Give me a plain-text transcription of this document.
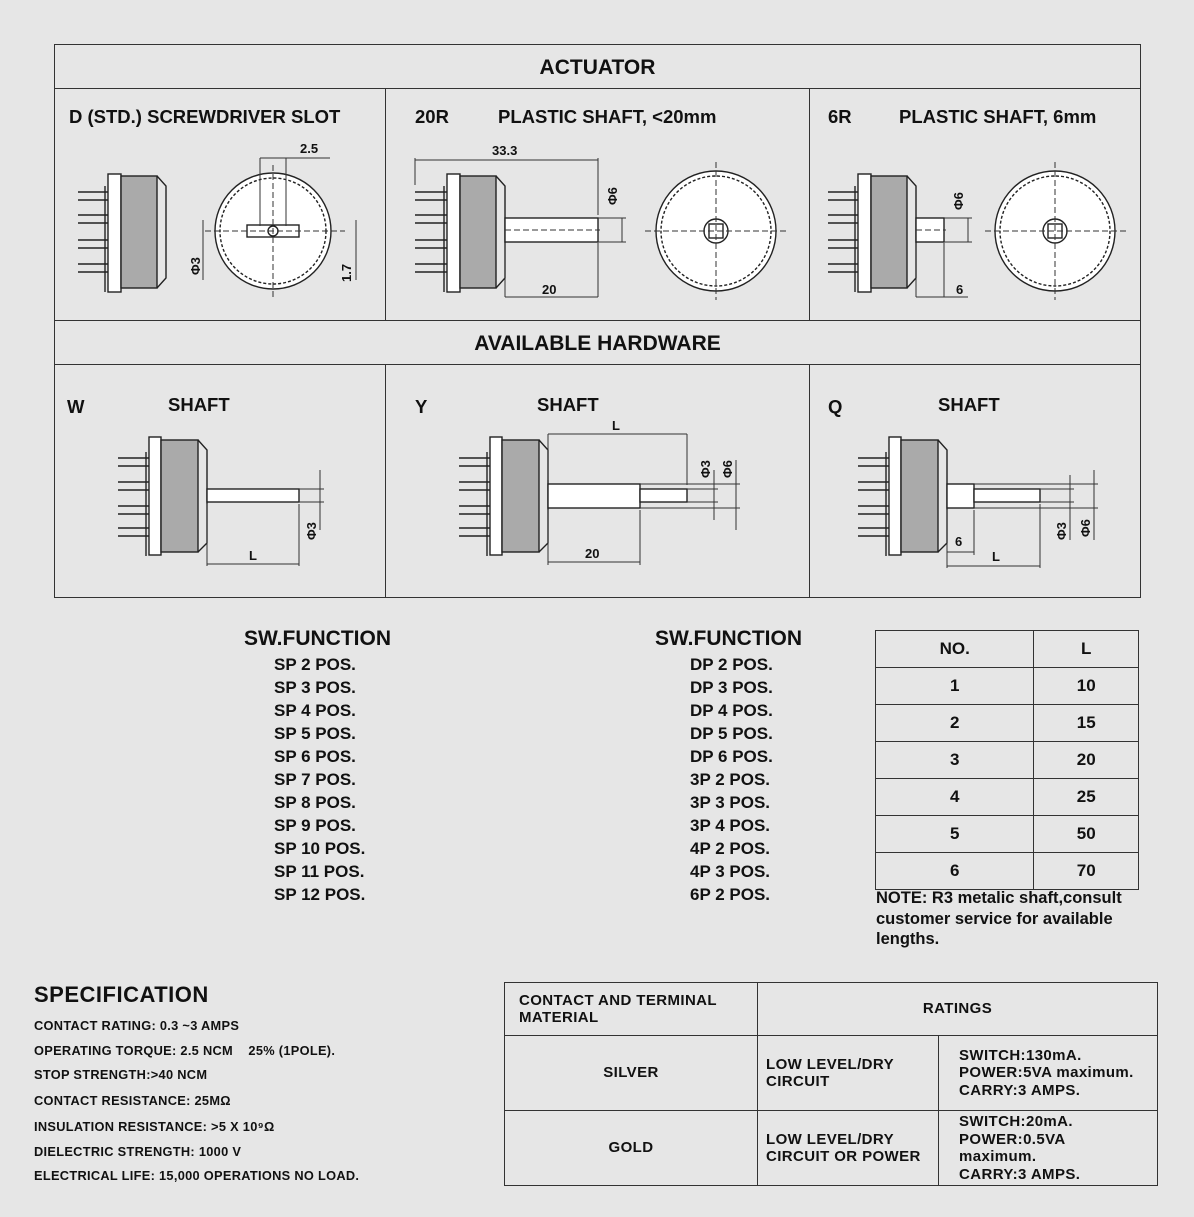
ACTUATOR
AVAILABLE HARDWARE
D (STD.) SCREWDRIVER SLOT	20R	PLASTIC SHAFT, <20mm	6R	PLASTIC SHAFT, 6mm
W	SHAFT	Y	SHAFT	Q	SHAFT
2.5
Φ3	1.7
33.3
Φ6
20
Φ6
6
L
Φ3
L
Φ3 Φ6
20
6
L
Φ3 Φ6
SW.FUNCTION
SP 2 POS.
SP 3 POS.
SP 4 POS.
SP 5 POS.
SP 6 POS.
SP 7 POS.
SP 8 POS.
SP 9 POS.
SP 10 POS.
SP 11 POS.
SP 12 POS.
SW.FUNCTION
DP 2 POS.
DP 3 POS.
DP 4 POS.
DP 5 POS.
DP 6 POS.
3P 2 POS.
3P 3 POS.
3P 4 POS.
4P 2 POS.
4P 3 POS.
6P 2 POS.
NO.	L
1	10
2	15
3	20
4	25
5	50
6	70
NOTE: R3 metalic shaft,consult customer service for available lengths.
SPECIFICATION
CONTACT RATING: 0.3 ~3 AMPS
OPERATING TORQUE: 2.5 NCM    25% (1POLE).
STOP STRENGTH:>40 NCM
CONTACT RESISTANCE: 25MΩ
INSULATION RESISTANCE: >5 X 10⁹Ω
DIELECTRIC STRENGTH: 1000 V
ELECTRICAL LIFE: 15,000 OPERATIONS NO LOAD.
CONTACT AND TERMINAL MATERIAL	RATINGS	
SILVER	LOW LEVEL/DRY CIRCUIT	SWITCH:130mA.
POWER:5VA maximum.
CARRY:3 AMPS.

GOLD	LOW LEVEL/DRY CIRCUIT OR POWER	SWITCH:20mA.
POWER:0.5VA maximum.
CARRY:3 AMPS.
